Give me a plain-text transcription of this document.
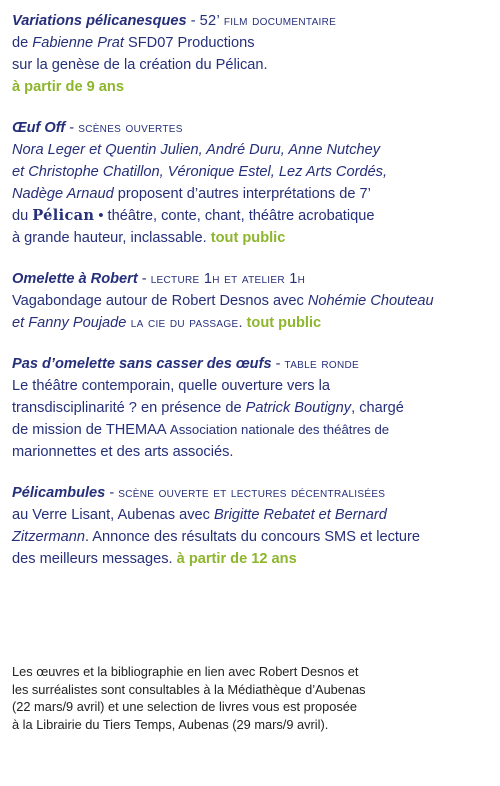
Variations pélicanesques - 52’ film documentaire

de Fabienne Prat SFD07 Productions

sur la genèse de la création du Pélican.

à partir de 9 ans

Œuf Off - scènes ouvertes

Nora Leger et Quentin Julien, André Duru, Anne Nutchey

et Christophe Chatillon, Véronique Estel, Lez Arts Cordés,

Nadège Arnaud proposent d’autres interprétations de 7’

du Pélican • théâtre, conte, chant, théâtre acrobatique

à grande hauteur, inclassable. tout public

Omelette à Robert - lecture 1h et atelier 1h

Vagabondage autour de Robert Desnos avec Nohémie Chouteau

et Fanny Poujade la cie du passage. tout public

Pas d’omelette sans casser des œufs - table ronde

Le théâtre contemporain, quelle ouverture vers la

transdisciplinarité ? en présence de Patrick Boutigny, chargé

de mission de THEMAA Association nationale des théâtres de

marionnettes et des arts associés.

Pélicambules - scène ouverte et lectures décentralisées

au Verre Lisant, Aubenas avec Brigitte Rebatet et Bernard

Zitzermann. Annonce des résultats du concours SMS et lecture

des meilleurs messages. à partir de 12 ans

Les œuvres et la bibliographie en lien avec Robert Desnos et

les surréalistes sont consultables à la Médiathèque d’Aubenas

(22 mars/9 avril) et une selection de livres vous est proposée

à la Librairie du Tiers Temps, Aubenas (29 mars/9 avril).
